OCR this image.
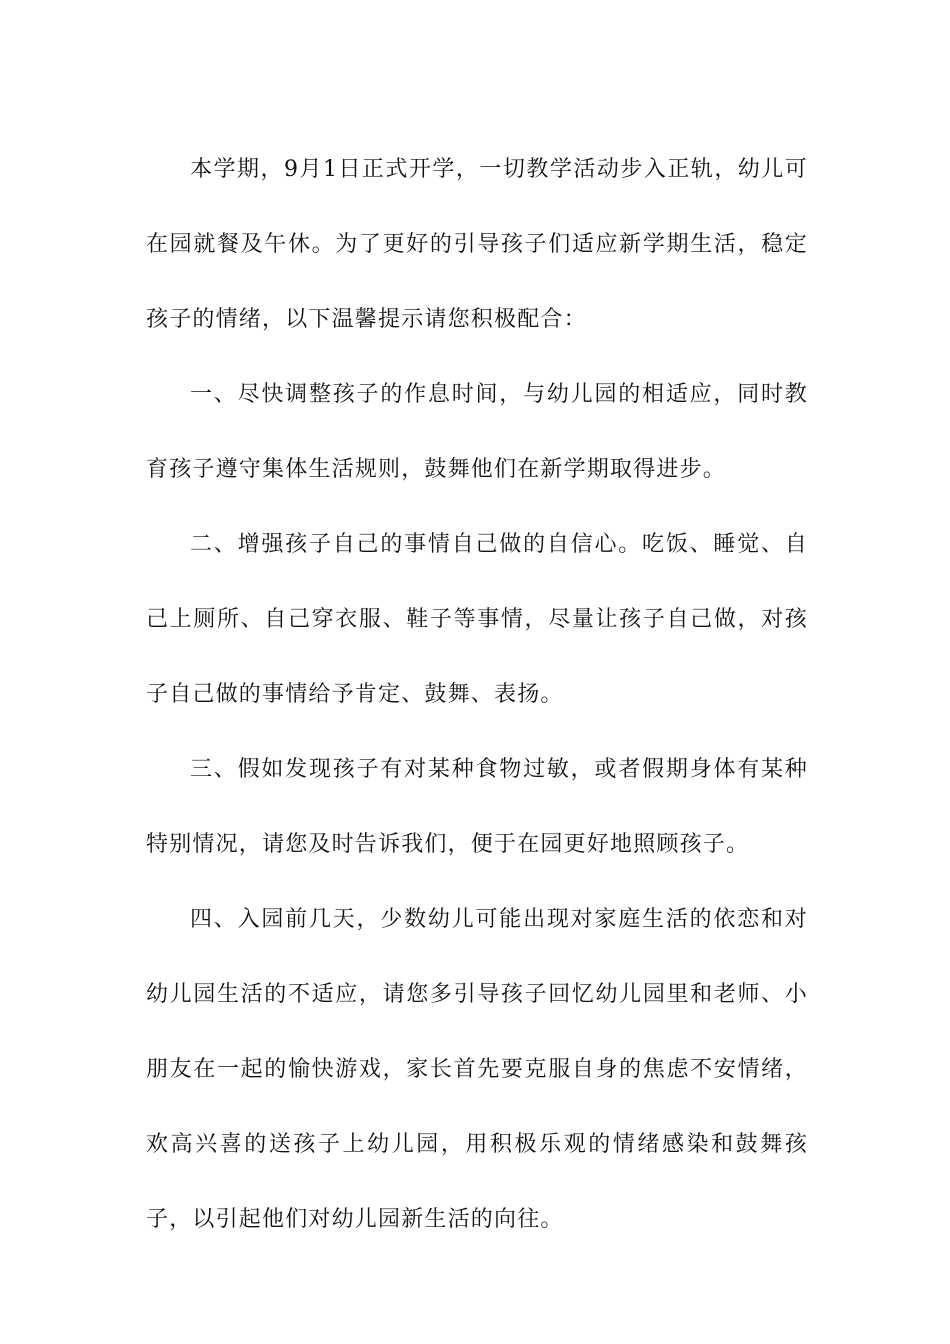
本学期，9月1日正式开学，一切教学活动步入正轨，幼儿可在园就餐及午休。为了更好的引导孩子们适应新学期生活，稳定孩子的情绪，以下温馨提示请您积极配合：

一、尽快调整孩子的作息时间，与幼儿园的相适应，同时教育孩子遵守集体生活规则，鼓舞他们在新学期取得进步。

二、增强孩子自己的事情自己做的自信心。吃饭、睡觉、自己上厕所、自己穿衣服、鞋子等事情，尽量让孩子自己做，对孩子自己做的事情给予肯定、鼓舞、表扬。

三、假如发现孩子有对某种食物过敏，或者假期身体有某种特别情况，请您及时告诉我们，便于在园更好地照顾孩子。

四、入园前几天，少数幼儿可能出现对家庭生活的依恋和对幼儿园生活的不适应，请您多引导孩子回忆幼儿园里和老师、小朋友在一起的愉快游戏，家长首先要克服自身的焦虑不安情绪，欢高兴喜的送孩子上幼儿园，用积极乐观的情绪感染和鼓舞孩子，以引起他们对幼儿园新生活的向往。
